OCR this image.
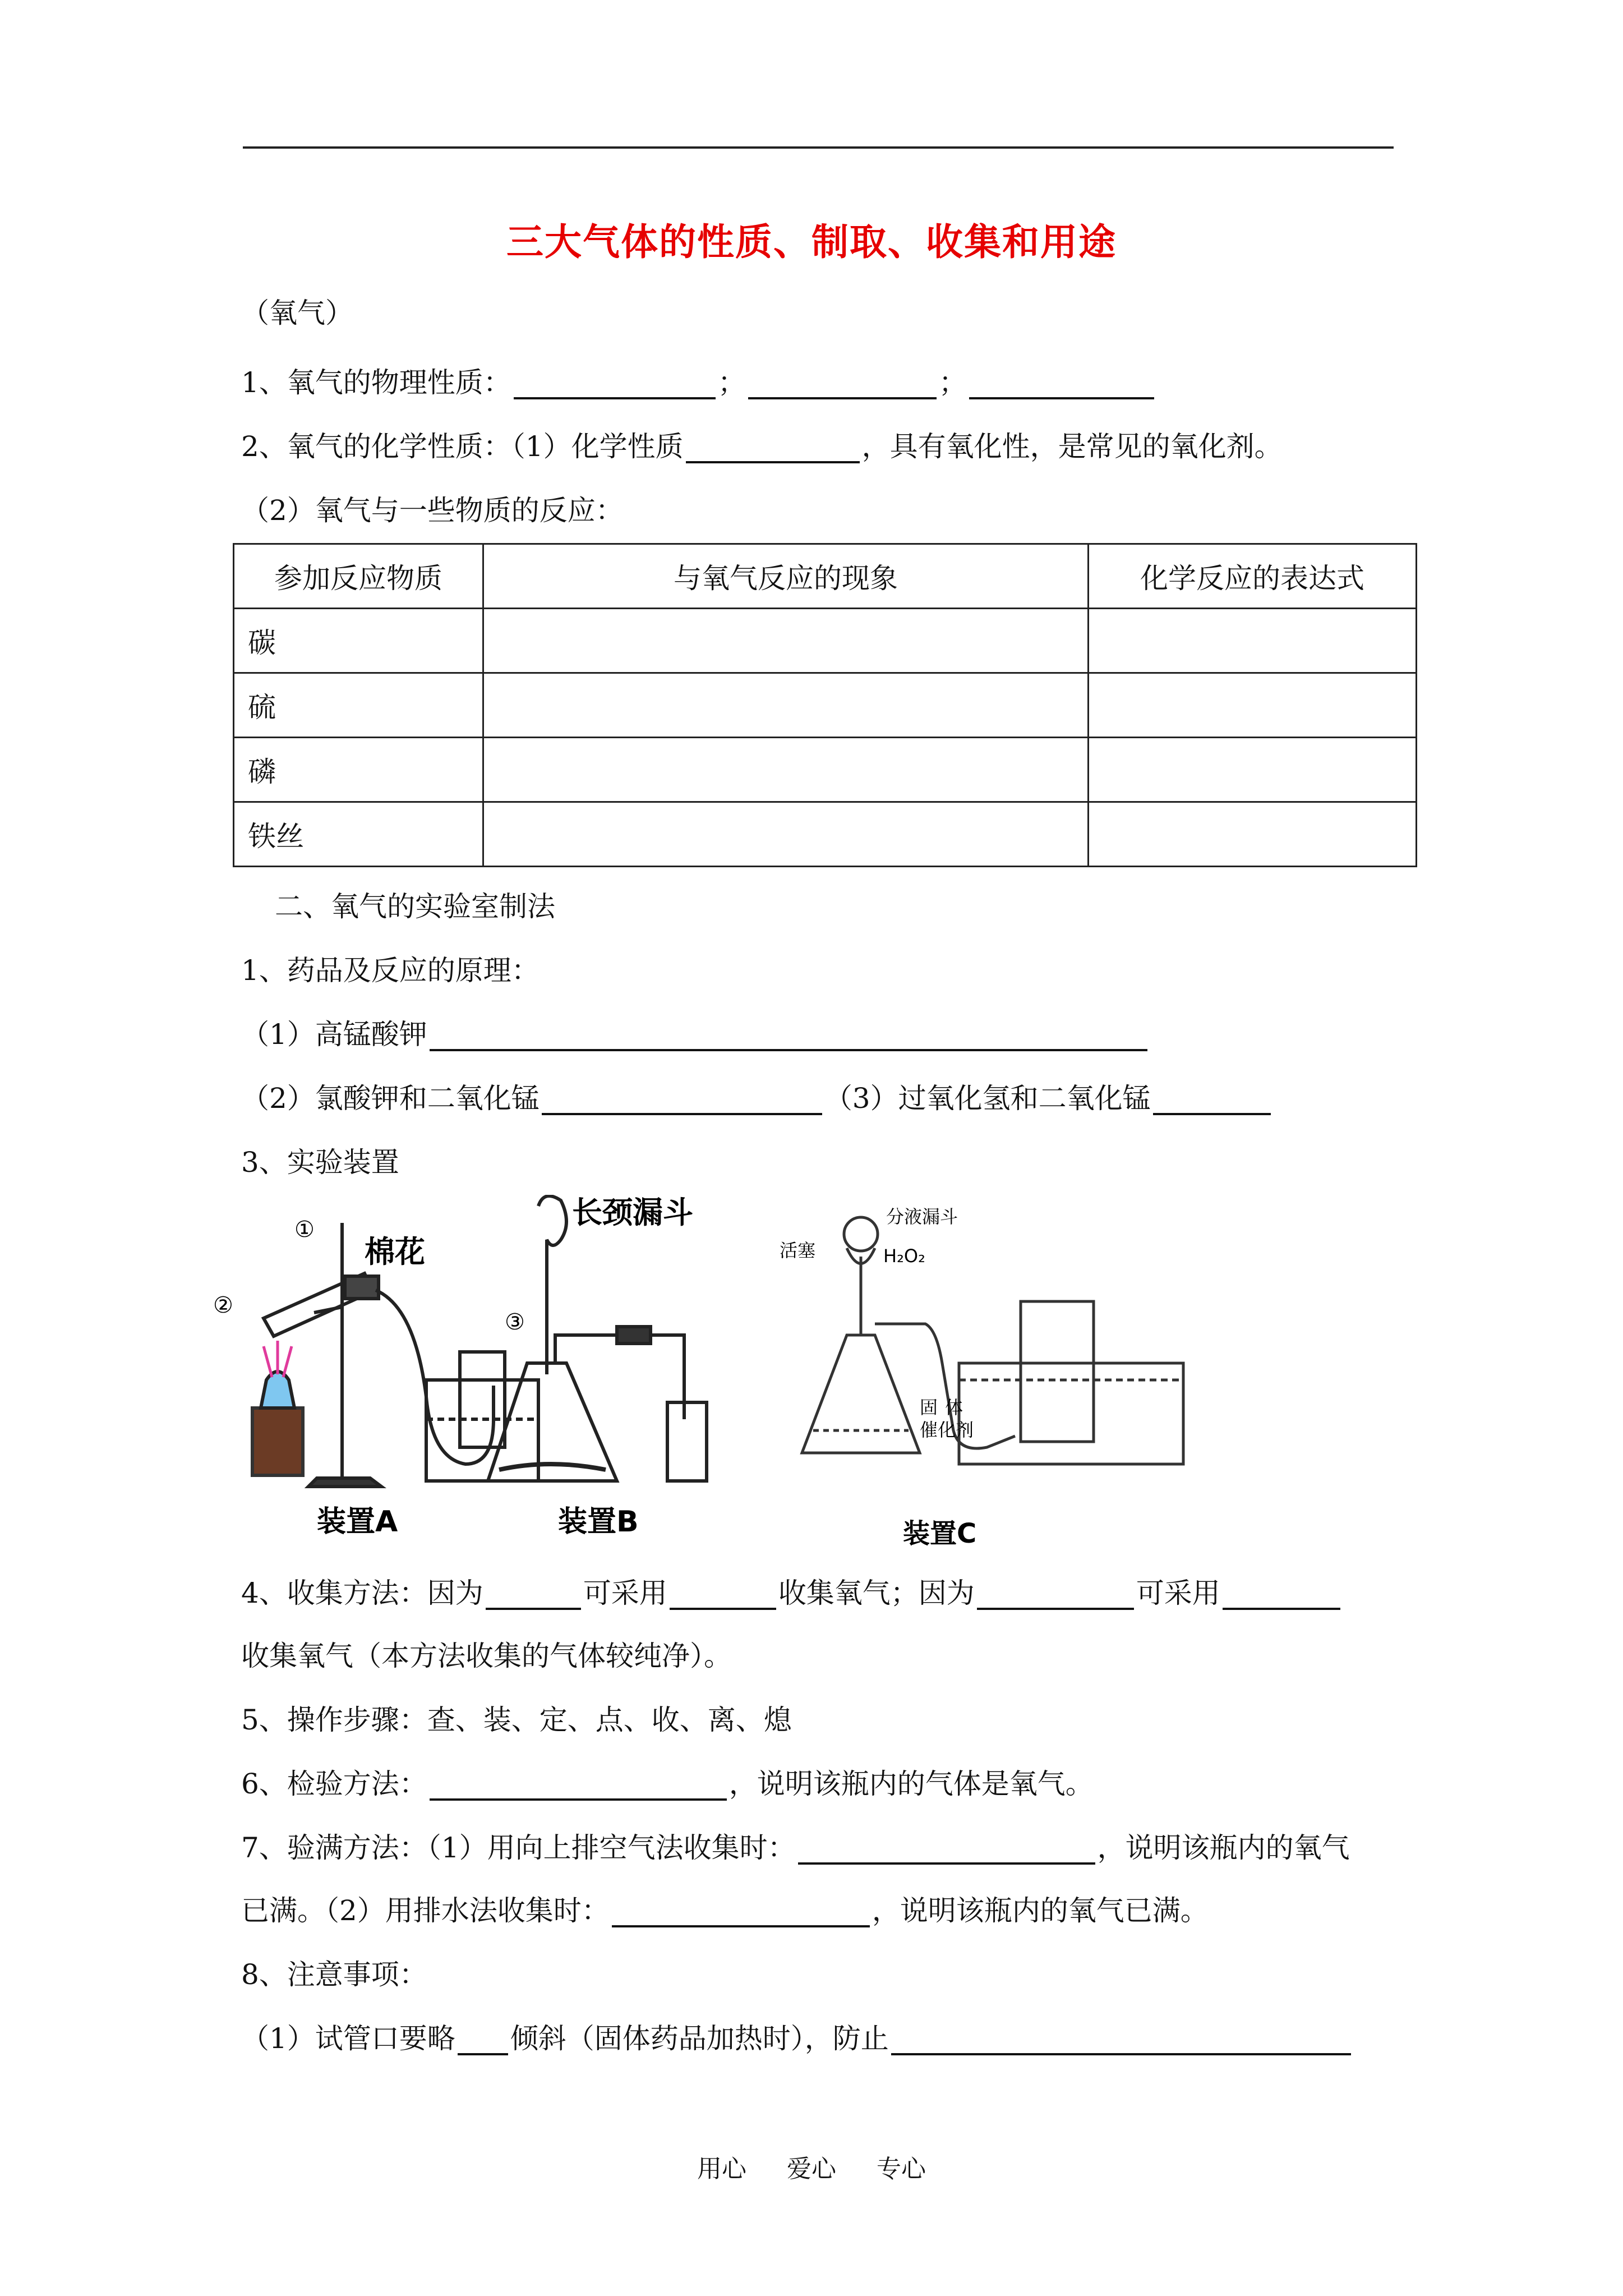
三大气体的性质、制取、收集和用途
（氧气）
1、氧气的物理性质：	；	；
2、氧气的化学性质：（1）化学性质	，具有氧化性，是常见的氧化剂。
（2）氧气与一些物质的反应：
参加反应物质	与氧气反应的现象	化学反应的表达式
碳		
硫		
磷		
铁丝		
二、氧气的实验室制法
1、药品及反应的原理：
（1）高锰酸钾
（2）氯酸钾和二氧化锰	（3）过氧化氢和二氧化锰
3、实验装置
①
②
③
棉花
装置A
长颈漏斗
装置B
分液漏斗
活塞	H₂O₂
固 体
催化剂
装置C
4、收集方法：因为	可采用	收集氧气；因为	可采用
收集氧气（本方法收集的气体较纯净）。
5、操作步骤：查、装、定、点、收、离、熄
6、检验方法：	，说明该瓶内的气体是氧气。
7、验满方法：（1）用向上排空气法收集时：	，说明该瓶内的氧气
已满。（2）用排水法收集时：	，说明该瓶内的氧气已满。
8、注意事项：
（1）试管口要略 倾斜（固体药品加热时），防止
用心 爱心 专心
